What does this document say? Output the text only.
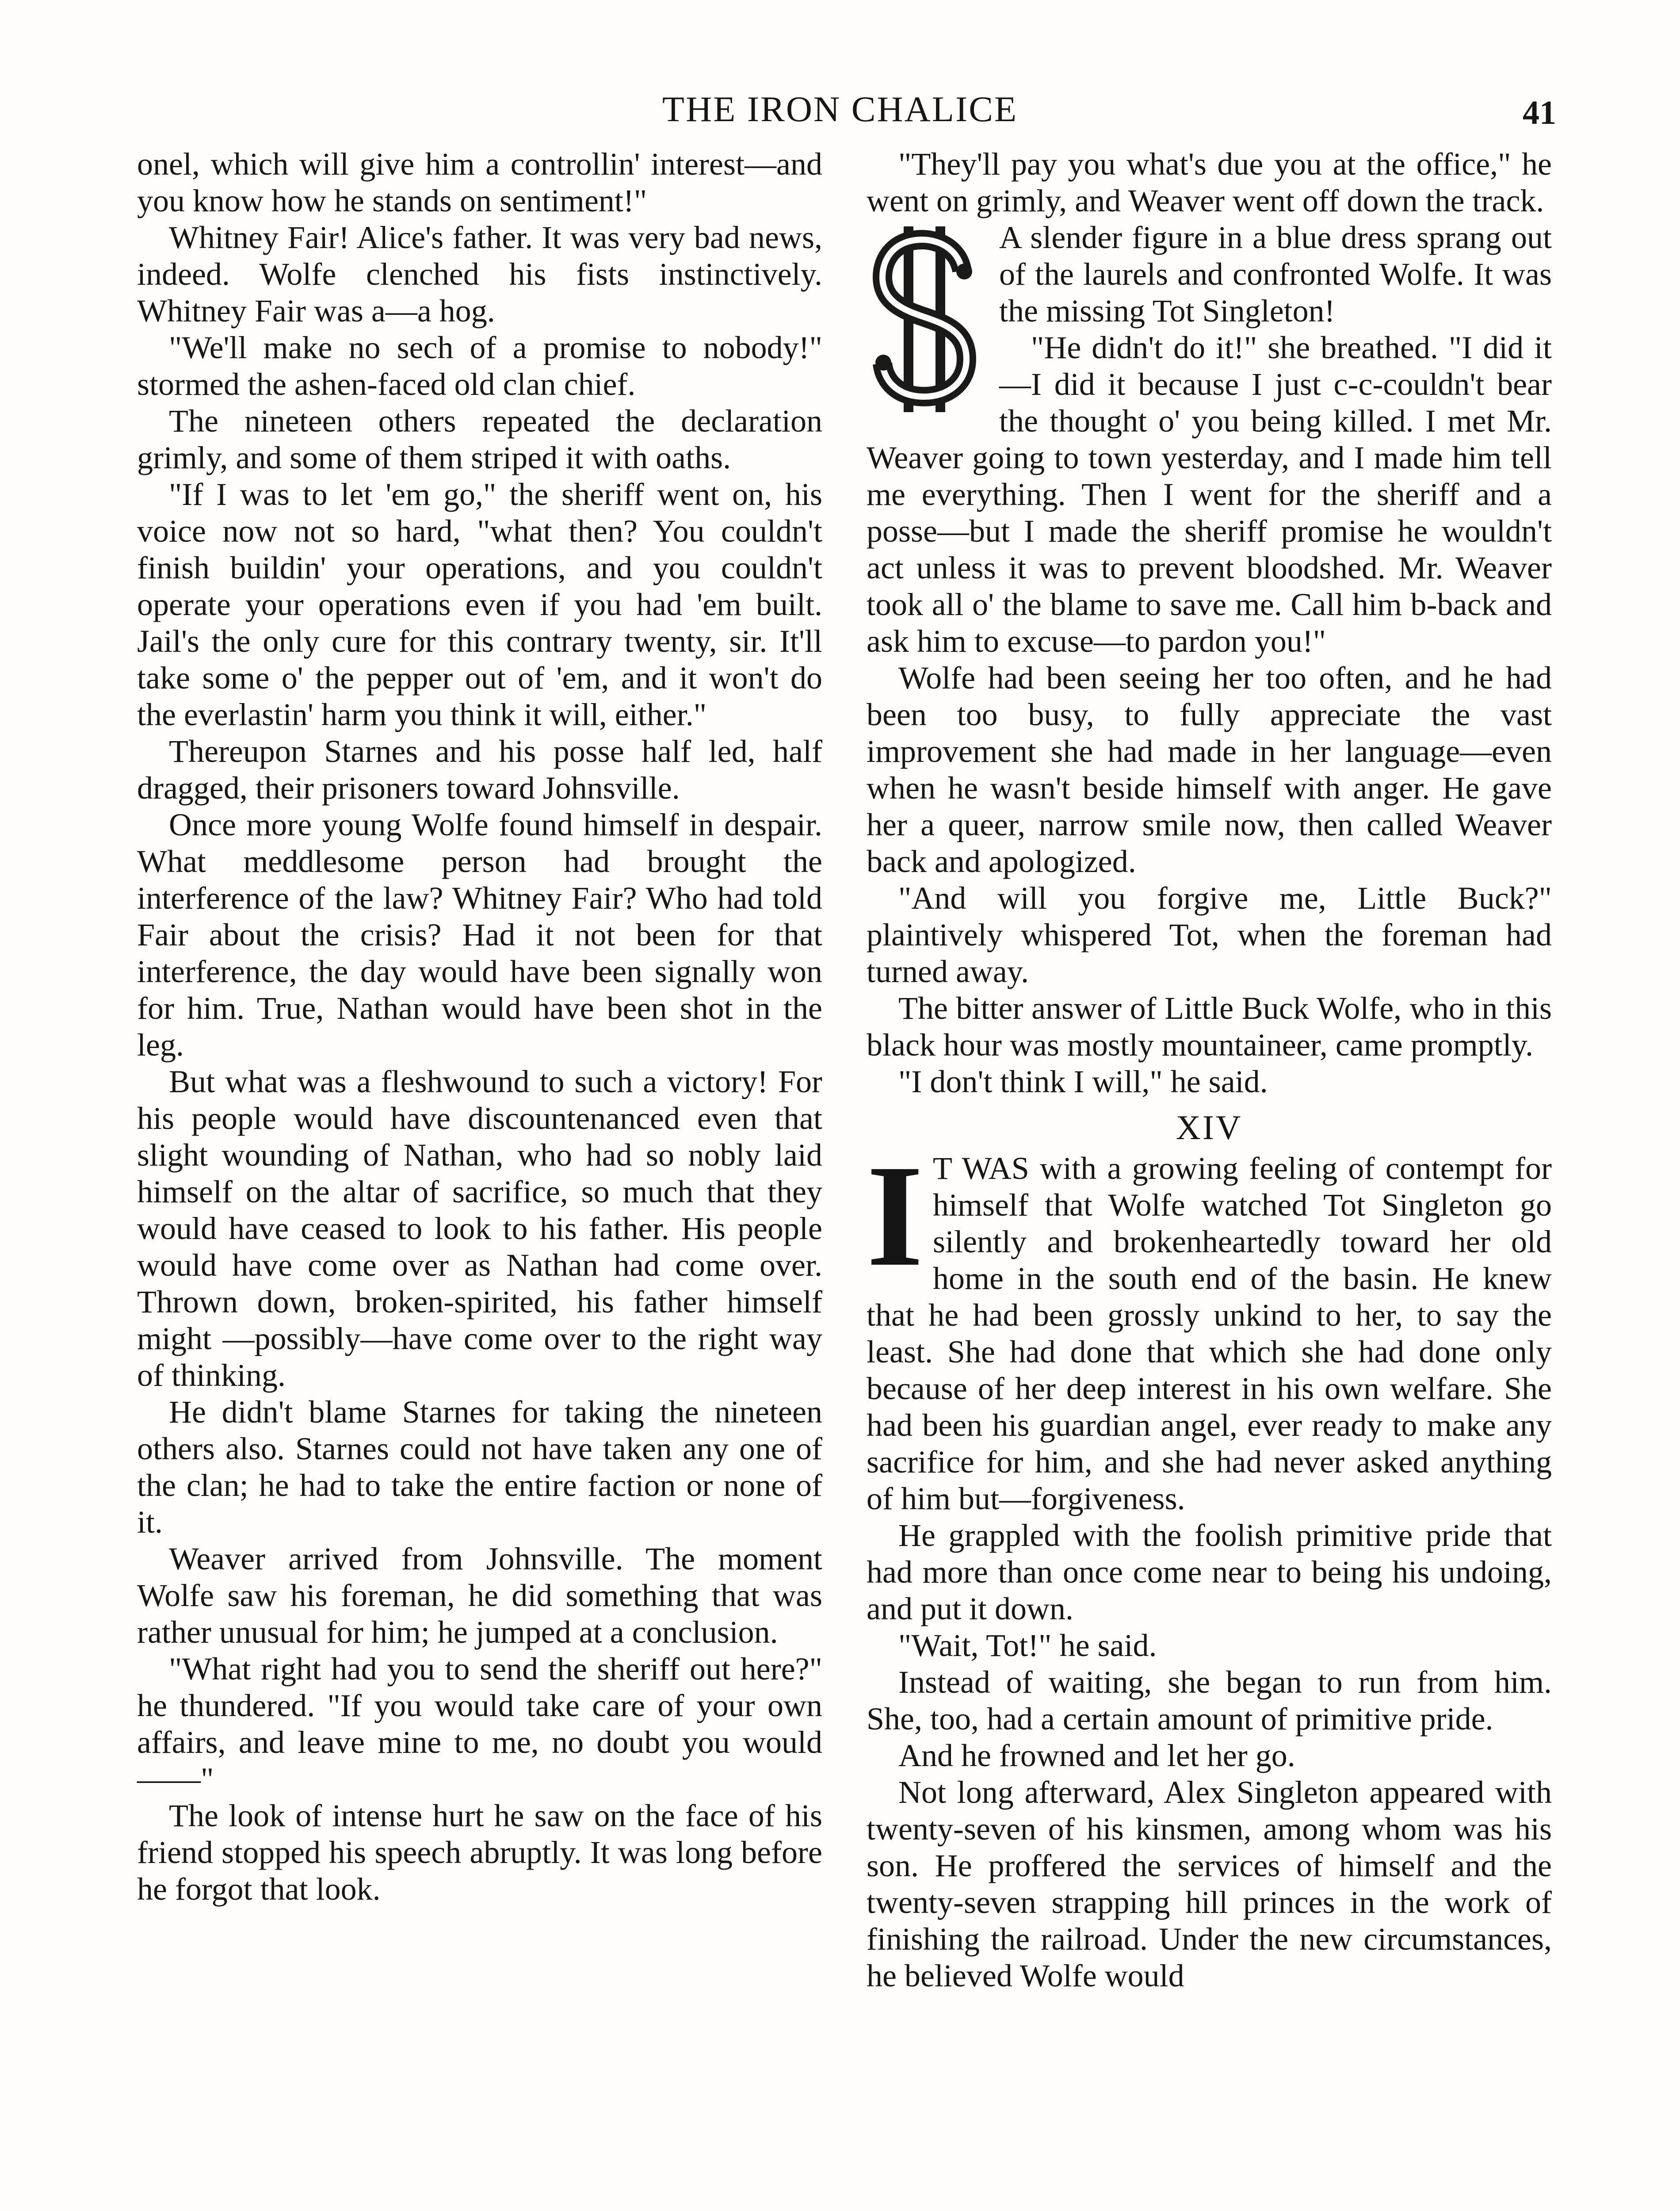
THE IRON CHALICE	41

onel, which will give him a controllin' interest—and you know how he stands on sentiment!"

Whitney Fair! Alice's father. It was very bad news, indeed. Wolfe clenched his fists instinctively. Whitney Fair was a—a hog.

"We'll make no sech of a promise to nobody!" stormed the ashen-faced old clan chief.

The nineteen others repeated the declaration grimly, and some of them striped it with oaths.

"If I was to let 'em go," the sheriff went on, his voice now not so hard, "what then? You couldn't finish buildin' your operations, and you couldn't operate your operations even if you had 'em built. Jail's the only cure for this contrary twenty, sir. It'll take some o' the pepper out of 'em, and it won't do the everlastin' harm you think it will, either."

Thereupon Starnes and his posse half led, half dragged, their prisoners toward Johnsville.

Once more young Wolfe found himself in despair. What meddlesome person had brought the interference of the law? Whitney Fair? Who had told Fair about the crisis? Had it not been for that interference, the day would have been signally won for him. True, Nathan would have been shot in the leg.

But what was a fleshwound to such a victory! For his people would have discountenanced even that slight wounding of Nathan, who had so nobly laid himself on the altar of sacrifice, so much that they would have ceased to look to his father. His people would have come over as Nathan had come over. Thrown down, broken-spirited, his father himself might —possibly—have come over to the right way of thinking.

He didn't blame Starnes for taking the nineteen others also. Starnes could not have taken any one of the clan; he had to take the entire faction or none of it.

Weaver arrived from Johnsville. The moment Wolfe saw his foreman, he did something that was rather unusual for him; he jumped at a conclusion.

"What right had you to send the sheriff out here?" he thundered. "If you would take care of your own affairs, and leave mine to me, no doubt you would——"

The look of intense hurt he saw on the face of his friend stopped his speech abruptly. It was long before he forgot that look.

"They'll pay you what's due you at the office," he went on grimly, and Weaver went off down the track.

A slender figure in a blue dress sprang out of the laurels and confronted Wolfe. It was the missing Tot Singleton!

"He didn't do it!" she breathed. "I did it—I did it because I just c-c-couldn't bear the thought o' you being killed. I met Mr. Weaver going to town yesterday, and I made him tell me everything. Then I went for the sheriff and a posse—but I made the sheriff promise he wouldn't act unless it was to prevent bloodshed. Mr. Weaver took all o' the blame to save me. Call him b-back and ask him to excuse—to pardon you!"

Wolfe had been seeing her too often, and he had been too busy, to fully appreciate the vast improvement she had made in her language—even when he wasn't beside himself with anger. He gave her a queer, narrow smile now, then called Weaver back and apologized.

"And will you forgive me, Little Buck?" plaintively whispered Tot, when the foreman had turned away.

The bitter answer of Little Buck Wolfe, who in this black hour was mostly mountaineer, came promptly.

"I don't think I will," he said.

XIV
I T WAS with a growing feeling of contempt for himself that Wolfe watched Tot Singleton go silently and brokenheartedly toward her old home in the south end of the basin. He knew that he had been grossly unkind to her, to say the least. She had done that which she had done only because of her deep interest in his own welfare. She had been his guardian angel, ever ready to make any sacrifice for him, and she had never asked anything of him but—forgiveness.

He grappled with the foolish primitive pride that had more than once come near to being his undoing, and put it down.

"Wait, Tot!" he said.

Instead of waiting, she began to run from him. She, too, had a certain amount of primitive pride.

And he frowned and let her go.

Not long afterward, Alex Singleton appeared with twenty-seven of his kinsmen, among whom was his son. He proffered the services of himself and the twenty-seven strapping hill princes in the work of finishing the railroad. Under the new circumstances, he believed Wolfe would
